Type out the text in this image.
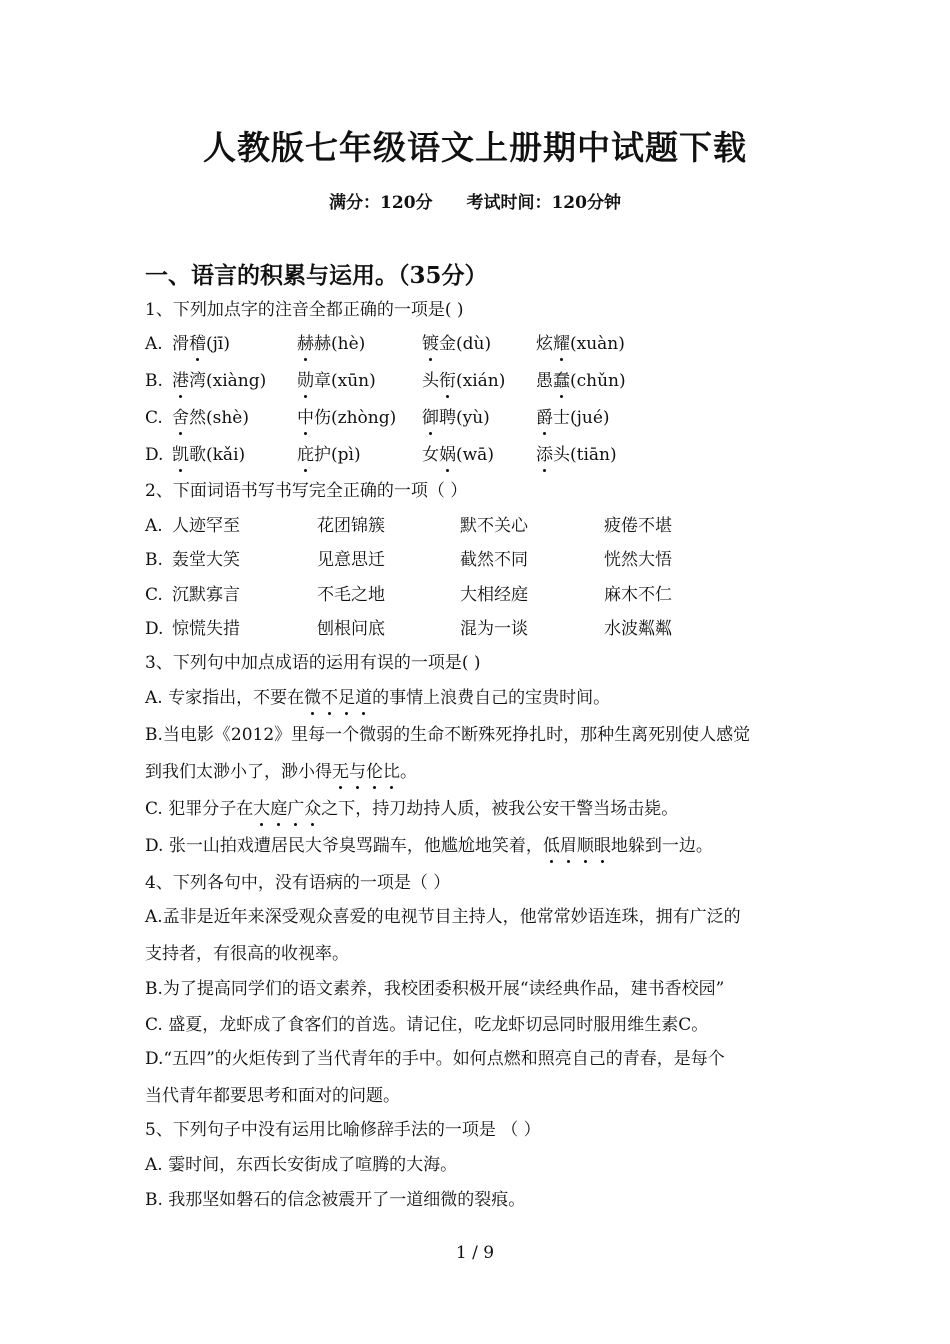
人教版七年级语文上册期中试题下载
满分：120分 考试时间：120分钟
一、语言的积累与运用。（35分）
1、下列加点字的注音全都正确的一项是( )
A. 滑稽(jī)	赫赫(hè)	镀金(dù)	炫耀(xuàn)
B. 港湾(xiàng) 勋章(xūn)	头衔(xián) 愚蠢(chǔn)
C. 舍然(shè)	中伤(zhòng) 御聘(yù)	爵士(jué)
D. 凯歌(kǎi)	庇护(pì)	女娲(wā) 添头(tiān)
2、下面词语书写书写完全正确的一项（ ）
A. 人迹罕至	花团锦簇	默不关心	疲倦不堪
B. 轰堂大笑	见意思迁	截然不同	恍然大悟
C. 沉默寡言	不毛之地	大相经庭	麻木不仁
D. 惊慌失措	刨根问底	混为一谈	水波粼粼
3、下列句中加点成语的运用有误的一项是( )
A. 专家指出，不要在微不足道的事情上浪费自己的宝贵时间。
B.当电影《2012》里每一个微弱的生命不断殊死挣扎时，那种生离死别使人感觉
到我们太渺小了，渺小得无与伦比。
C. 犯罪分子在大庭广众之下，持刀劫持人质，被我公安干警当场击毙。
D. 张一山拍戏遭居民大爷臭骂踹车，他尴尬地笑着，低眉顺眼地躲到一边。
4、下列各句中，没有语病的一项是（ ）
A.孟非是近年来深受观众喜爱的电视节目主持人，他常常妙语连珠，拥有广泛的
支持者，有很高的收视率。
B.为了提高同学们的语文素养，我校团委积极开展“读经典作品，建书香校园”
C. 盛夏，龙虾成了食客们的首选。请记住，吃龙虾切忌同时服用维生素C。
D.“五四”的火炬传到了当代青年的手中。如何点燃和照亮自己的青春，是每个
当代青年都要思考和面对的问题。
5、下列句子中没有运用比喻修辞手法的一项是 （ ）
A. 霎时间，东西长安街成了喧腾的大海。
B. 我那坚如磐石的信念被震开了一道细微的裂痕。
1 / 9
